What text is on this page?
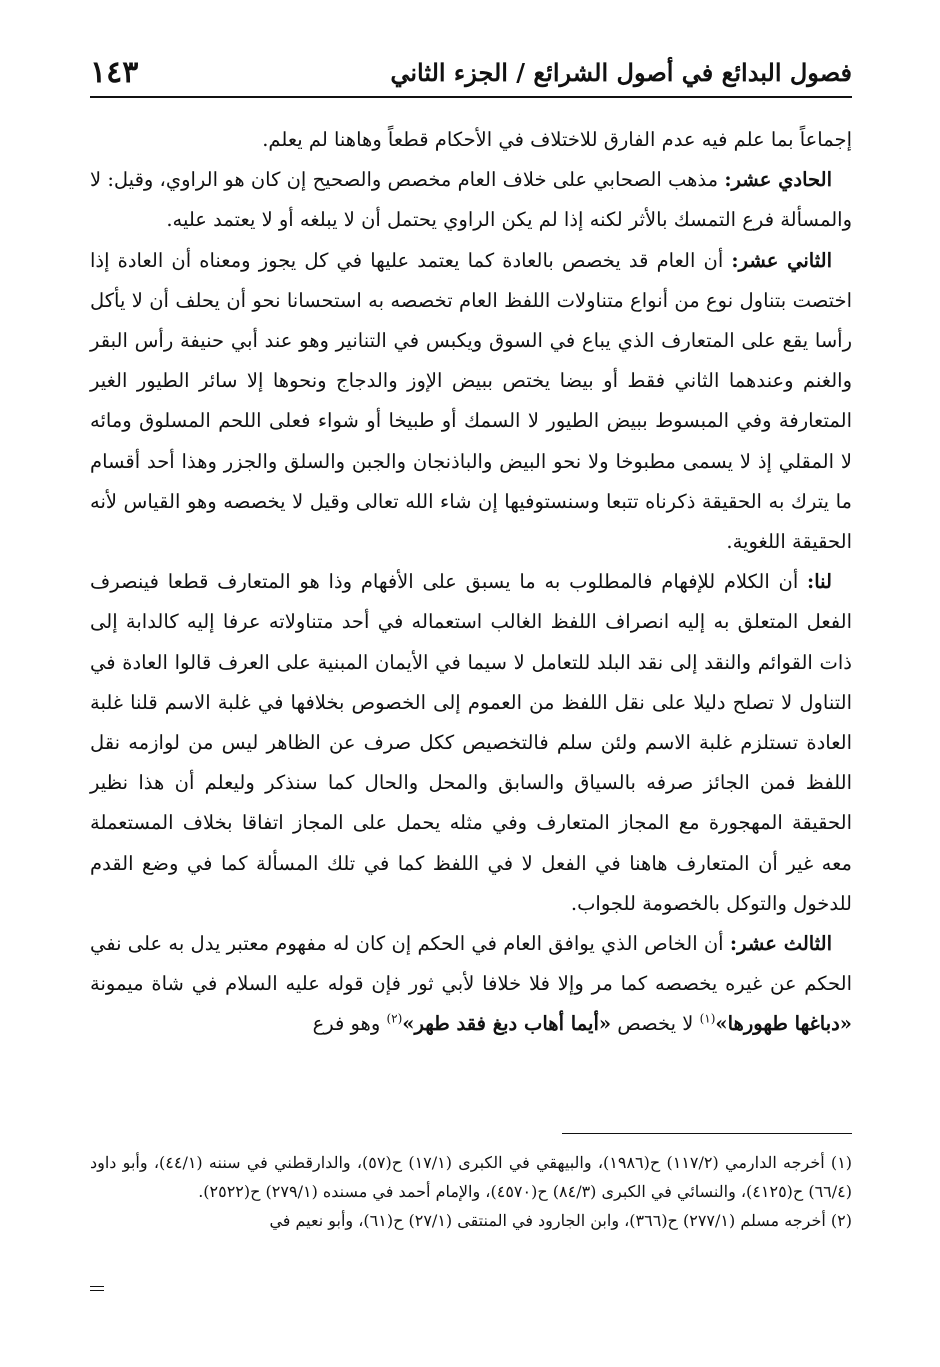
فصول البدائع في أصول الشرائع / الجزء الثاني
١٤٣

إجماعاً بما علم فيه عدم الفارق للاختلاف في الأحكام قطعاً وهاهنا لم يعلم.

الحادي عشر: مذهب الصحابي على خلاف العام مخصص والصحيح إن كان هو الراوي، وقيل: لا والمسألة فرع التمسك بالأثر لكنه إذا لم يكن الراوي يحتمل أن لا يبلغه أو لا يعتمد عليه.

الثاني عشر: أن العام قد يخصص بالعادة كما يعتمد عليها في كل يجوز ومعناه أن العادة إذا اختصت بتناول نوع من أنواع متناولات اللفظ العام تخصصه به استحسانا نحو أن يحلف أن لا يأكل رأسا يقع على المتعارف الذي يباع في السوق ويكبس في التنانير وهو عند أبي حنيفة رأس البقر والغنم وعندهما الثاني فقط أو بيضا يختص ببيض الإوز والدجاج ونحوها إلا سائر الطيور الغير المتعارفة وفي المبسوط ببيض الطيور لا السمك أو طبيخا أو شواء فعلى اللحم المسلوق ومائه لا المقلي إذ لا يسمى مطبوخا ولا نحو البيض والباذنجان والجبن والسلق والجزر وهذا أحد أقسام ما يترك به الحقيقة ذكرناه تتبعا وسنستوفيها إن شاء الله تعالى وقيل لا يخصصه وهو القياس لأنه الحقيقة اللغوية.

لنا: أن الكلام للإفهام فالمطلوب به ما يسبق على الأفهام وذا هو المتعارف قطعا فينصرف الفعل المتعلق به إليه انصراف اللفظ الغالب استعماله في أحد متناولاته عرفا إليه كالدابة إلى ذات القوائم والنقد إلى نقد البلد للتعامل لا سيما في الأيمان المبنية على العرف قالوا العادة في التناول لا تصلح دليلا على نقل اللفظ من العموم إلى الخصوص بخلافها في غلبة الاسم قلنا غلبة العادة تستلزم غلبة الاسم ولئن سلم فالتخصيص ككل صرف عن الظاهر ليس من لوازمه نقل اللفظ فمن الجائز صرفه بالسياق والسابق والمحل والحال كما سنذكر وليعلم أن هذا نظير الحقيقة المهجورة مع المجاز المتعارف وفي مثله يحمل على المجاز اتفاقا بخلاف المستعملة معه غير أن المتعارف هاهنا في الفعل لا في اللفظ كما في تلك المسألة كما في وضع القدم للدخول والتوكل بالخصومة للجواب.

الثالث عشر: أن الخاص الذي يوافق العام في الحكم إن كان له مفهوم معتبر يدل به على نفي الحكم عن غيره يخصصه كما مر وإلا فلا خلافا لأبي ثور فإن قوله عليه السلام في شاة ميمونة «دباغها طهورها»$^{(١)}$ لا يخصص «أيما أهاب دبغ فقد طهر»$^{(٢)}$ وهو فرع

(١) أخرجه الدارمي (١١٧/٢) ح(١٩٨٦)، والبيهقي في الكبرى (١٧/١) ح(٥٧)، والدارقطني في سننه (٤٤/١)، وأبو داود (٦٦/٤) ح(٤١٢٥)، والنسائي في الكبرى (٨٤/٣) ح(٤٥٧٠)، والإمام أحمد في مسنده (٢٧٩/١) ح(٢٥٢٢).

(٢) أخرجه مسلم (٢٧٧/١) ح(٣٦٦)، وابن الجارود في المنتقى (٢٧/١) ح(٦١)، وأبو نعيم في
